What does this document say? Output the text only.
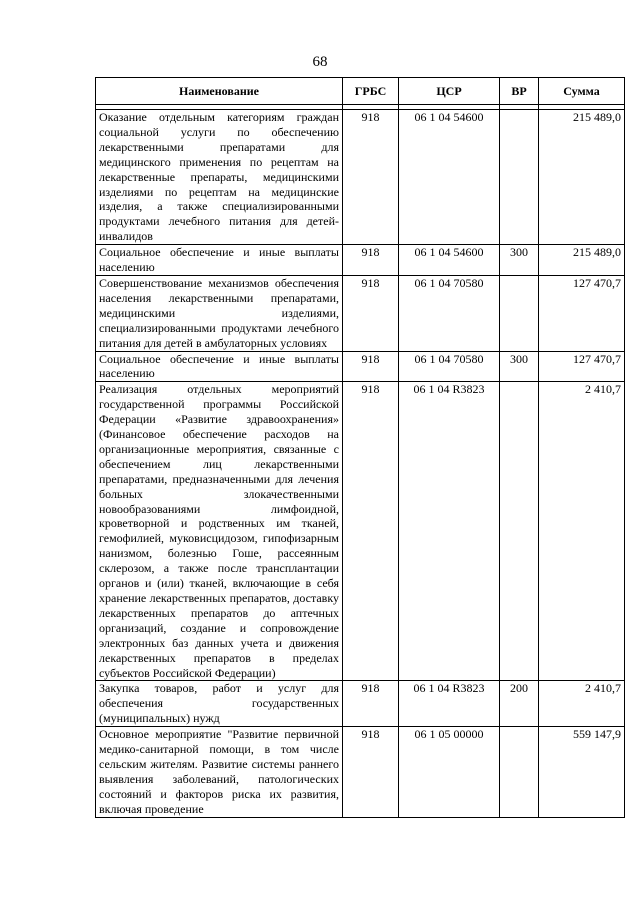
68
Наименование	ГРБС	ЦСР	ВР	Сумма

Оказание отдельным категориям граждан социальной услуги по обеспечению лекарственными препаратами для медицинского применения по рецептам на лекарственные препараты, медицинскими изделиями по рецептам на медицинские изделия, а также специализированными продуктами лечебного питания для детей-инвалидов	918	06 1 04 54600		215 489,0
Социальное обеспечение и иные выплаты населению	918	06 1 04 54600	300	215 489,0
Совершенствование механизмов обеспечения населения лекарственными препаратами, медицинскими изделиями, специализированными продуктами лечебного питания для детей в амбулаторных условиях	918	06 1 04 70580		127 470,7
Социальное обеспечение и иные выплаты населению	918	06 1 04 70580	300	127 470,7
Реализация отдельных мероприятий государственной программы Российской Федерации «Развитие здравоохранения» (Финансовое обеспечение расходов на организационные мероприятия, связанные с обеспечением лиц лекарственными препаратами, предназначенными для лечения больных злокачественными новообразованиями лимфоидной, кроветворной и родственных им тканей, гемофилией, муковисцидозом, гипофизарным нанизмом, болезнью Гоше, рассеянным склерозом, а также после трансплантации органов и (или) тканей, включающие в себя хранение лекарственных препаратов, доставку лекарственных препаратов до аптечных организаций, создание и сопровождение электронных баз данных учета и движения лекарственных препаратов в пределах субъектов Российской Федерации)	918	06 1 04 R3823		2 410,7
Закупка товаров, работ и услуг для обеспечения государственных (муниципальных) нужд	918	06 1 04 R3823	200	2 410,7
Основное мероприятие "Развитие первичной медико-санитарной помощи, в том числе сельским жителям. Развитие системы раннего выявления заболеваний, патологических состояний и факторов риска их развития, включая проведение	918	06 1 05 00000		559 147,9
